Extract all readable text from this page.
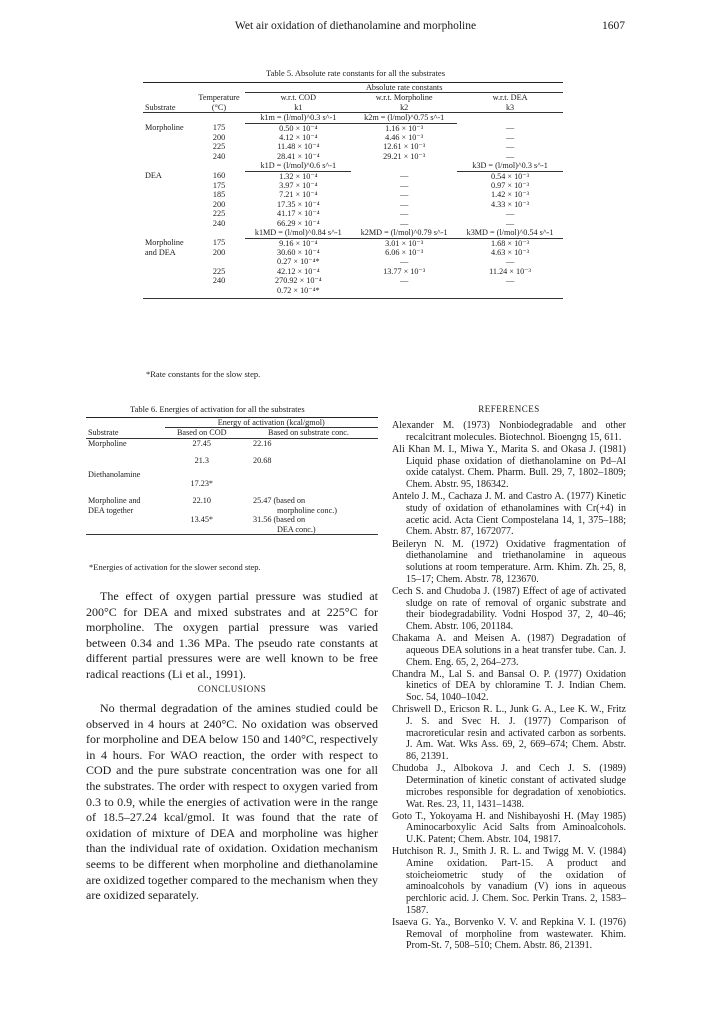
Wet air oxidation of diethanolamine and morpholine	1607
Table 5. Absolute rate constants for all the substrates
		Absolute rate constants		
	Temperature	w.r.t. COD	w.r.t. Morpholine	w.r.t. DEA
Substrate	(°C)	k1	k2	k3
		k1m = (l/mol)^0.3 s^-1	k2m = (l/mol)^0.75 s^-1	
Morpholine	175	0.50 × 10⁻⁴	1.16 × 10⁻³	—
	200	4.12 × 10⁻⁴	4.46 × 10⁻³	—
	225	11.48 × 10⁻⁴	12.61 × 10⁻³	—
	240	28.41 × 10⁻⁴	29.21 × 10⁻³	—
		k1D = (l/mol)^0.6 s^-1		k3D = (l/mol)^0.3 s^-1
DEA	160	1.32 × 10⁻⁴	—	0.54 × 10⁻³
	175	3.97 × 10⁻⁴	—	0.97 × 10⁻³
	185	7.21 × 10⁻⁴	—	1.42 × 10⁻³
	200	17.35 × 10⁻⁴	—	4.33 × 10⁻³
	225	41.17 × 10⁻⁴	—	—
	240	66.29 × 10⁻⁴	—	—
		k1MD = (l/mol)^0.84 s^-1	k2MD = (l/mol)^0.79 s^-1	k3MD = (l/mol)^0.54 s^-1
Morpholine	175	9.16 × 10⁻⁴	3.01 × 10⁻³	1.68 × 10⁻³
and DEA	200	30.60 × 10⁻⁴	6.06 × 10⁻³	4.63 × 10⁻³
		0.27 × 10⁻⁴*	—	—
	225	42.12 × 10⁻⁴	13.77 × 10⁻³	11.24 × 10⁻³
	240	270.92 × 10⁻⁴	—	—
		0.72 × 10⁻⁴*		

*Rate constants for the slow step.
Table 6. Energies of activation for all the substrates
	Energy of activation (kcal/gmol)	
Substrate	Based on COD	Based on substrate conc.
Morpholine	27.45	22.16

	21.3	20.68
Diethanolamine		
	17.23*	

Morpholine and	22.10	25.47 (based on
DEA together		morpholine conc.)
	13.45*	31.56 (based on
		DEA conc.)
*Energies of activation for the slower second step.

The effect of oxygen partial pressure was studied at 200°C for DEA and mixed substrates and at 225°C for morpholine. The oxygen partial pressure was varied between 0.34 and 1.36 MPa. The pseudo rate constants at different partial pressures were are well known to be free radical reactions (Li et al., 1991).

CONCLUSIONS

No thermal degradation of the amines studied could be observed in 4 hours at 240°C. No oxidation was observed for morpholine and DEA below 150 and 140°C, respectively in 4 hours. For WAO reaction, the order with respect to COD and the pure substrate concentration was one for all the substrates. The order with respect to oxygen varied from 0.3 to 0.9, while the energies of activation were in the range of 18.5–27.24 kcal/gmol. It was found that the rate of oxidation of mixture of DEA and morpholine was higher than the individual rate of oxidation. Oxidation mechanism seems to be different when morpholine and diethanolamine are oxidized together compared to the mechanism when they are oxidized separately.

REFERENCES
Alexander M. (1973) Nonbiodegradable and other recalcitrant molecules. Biotechnol. Bioengng 15, 611.
Ali Khan M. I., Miwa Y., Marita S. and Okasa J. (1981) Liquid phase oxidation of diethanolamine on Pd–Al oxide catalyst. Chem. Pharm. Bull. 29, 7, 1802–1809; Chem. Abstr. 95, 186342.
Antelo J. M., Cachaza J. M. and Castro A. (1977) Kinetic study of oxidation of ethanolamines with Cr(+4) in acetic acid. Acta Cient Compostelana 14, 1, 375–188; Chem. Abstr. 87, 1672077.
Beileryn N. M. (1972) Oxidative fragmentation of diethanolamine and triethanolamine in aqueous solutions at room temperature. Arm. Khim. Zh. 25, 8, 15–17; Chem. Abstr. 78, 123670.
Cech S. and Chudoba J. (1987) Effect of age of activated sludge on rate of removal of organic substrate and their biodegradability. Vodni Hospod 37, 2, 40–46; Chem. Abstr. 106, 201184.
Chakama A. and Meisen A. (1987) Degradation of aqueous DEA solutions in a heat transfer tube. Can. J. Chem. Eng. 65, 2, 264–273.
Chandra M., Lal S. and Bansal O. P. (1977) Oxidation kinetics of DEA by chloramine T. J. Indian Chem. Soc. 54, 1040–1042.
Chriswell D., Ericson R. L., Junk G. A., Lee K. W., Fritz J. S. and Svec H. J. (1977) Comparison of macroreticular resin and activated carbon as sorbents. J. Am. Wat. Wks Ass. 69, 2, 669–674; Chem. Abstr. 86, 21391.
Chudoba J., Albokova J. and Cech J. S. (1989) Determination of kinetic constant of activated sludge microbes responsible for degradation of xenobiotics. Wat. Res. 23, 11, 1431–1438.
Goto T., Yokoyama H. and Nishibayoshi H. (May 1985) Aminocarboxylic Acid Salts from Aminoalcohols. U.K. Patent; Chem. Abstr. 104, 19817.
Hutchison R. J., Smith J. R. L. and Twigg M. V. (1984) Amine oxidation. Part-15. A product and stoicheiometric study of the oxidation of aminoalcohols by vanadium (V) ions in aqueous perchloric acid. J. Chem. Soc. Perkin Trans. 2, 1583–1587.
Isaeva G. Ya., Borvenko V. V. and Repkina V. I. (1976) Removal of morpholine from wastewater. Khim. Prom-St. 7, 508–510; Chem. Abstr. 86, 21391.
